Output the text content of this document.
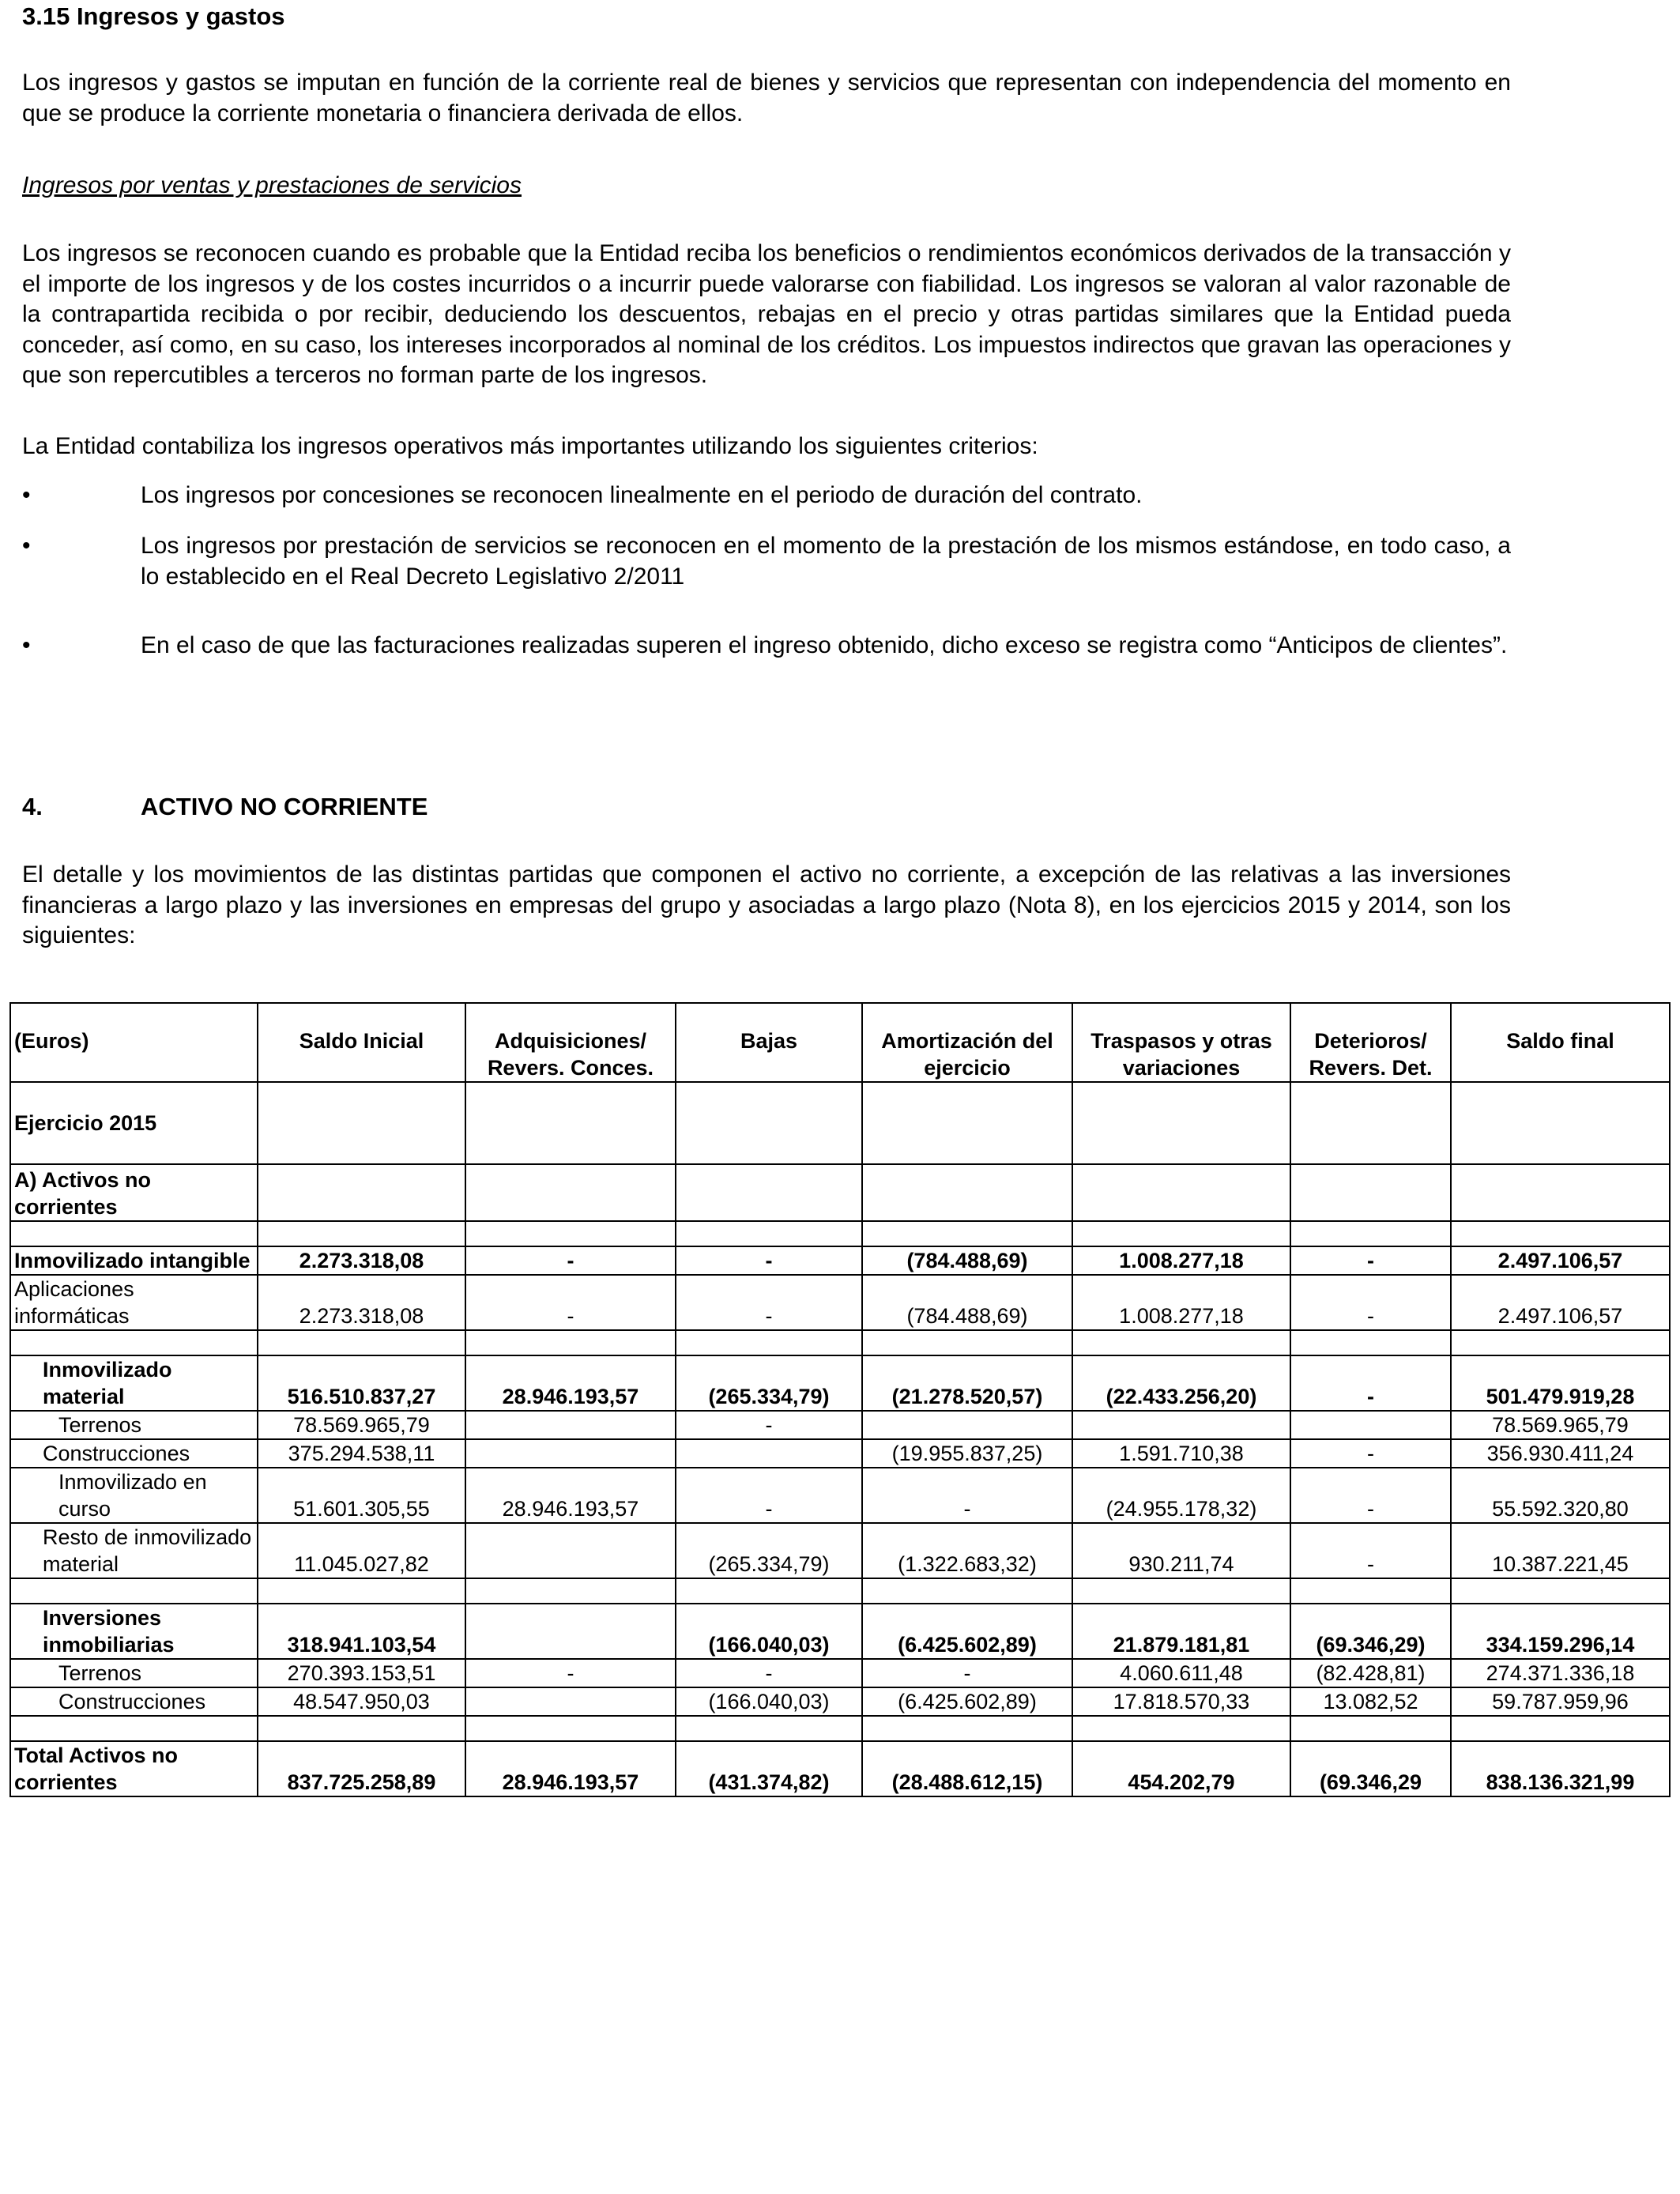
3.15 Ingresos y gastos
Los ingresos y gastos se imputan en función de la corriente real de bienes y servicios que representan con independencia del momento en que se produce la corriente monetaria o financiera derivada de ellos.
Ingresos por ventas y prestaciones de servicios
Los ingresos se reconocen cuando es probable que la Entidad reciba los beneficios o rendimientos económicos derivados de la transacción y el importe de los ingresos y de los costes incurridos o a incurrir puede valorarse con fiabilidad. Los ingresos se valoran al valor razonable de la contrapartida recibida o por recibir, deduciendo los descuentos, rebajas en el precio y otras partidas similares que la Entidad pueda conceder, así como, en su caso, los intereses incorporados al nominal de los créditos. Los impuestos indirectos que gravan las operaciones y que son repercutibles a terceros no forman parte de los ingresos.
La Entidad contabiliza los ingresos operativos más importantes utilizando los siguientes criterios:
•	Los ingresos por concesiones se reconocen linealmente en el periodo de duración del contrato.
•	Los ingresos por prestación de servicios se reconocen en el momento de la prestación de los mismos estándose, en todo caso, a lo establecido en el Real Decreto Legislativo 2/2011
•	En el caso de que las facturaciones realizadas superen el ingreso obtenido, dicho exceso se registra como “Anticipos de clientes”.
4.	ACTIVO NO CORRIENTE
El detalle y los movimientos de las distintas partidas que componen el activo no corriente, a excepción de las relativas a las inversiones financieras a largo plazo y las inversiones en empresas del grupo y asociadas a largo plazo (Nota 8), en los ejercicios 2015 y 2014, son los siguientes:
(Euros)	Saldo Inicial	Adquisiciones/ Revers. Conces.	Bajas	Amortización del ejercicio	Traspasos y otras variaciones	Deterioros/ Revers. Det.	Saldo final
Ejercicio 2015							
A) Activos no corrientes							

Inmovilizado intangible	2.273.318,08	-	-	(784.488,69)	1.008.277,18	-	2.497.106,57
Aplicaciones informáticas	2.273.318,08	-	-	(784.488,69)	1.008.277,18	-	2.497.106,57

Inmovilizado material	516.510.837,27	28.946.193,57	(265.334,79)	(21.278.520,57)	(22.433.256,20)	-	501.479.919,28
Terrenos	78.569.965,79		-				78.569.965,79
Construcciones	375.294.538,11			(19.955.837,25)	1.591.710,38	-	356.930.411,24
Inmovilizado en curso	51.601.305,55	28.946.193,57	-	-	(24.955.178,32)	-	55.592.320,80
Resto de inmovilizado material	11.045.027,82		(265.334,79)	(1.322.683,32)	930.211,74	-	10.387.221,45

Inversiones inmobiliarias	318.941.103,54		(166.040,03)	(6.425.602,89)	21.879.181,81	(69.346,29)	334.159.296,14
Terrenos	270.393.153,51	-	-	-	4.060.611,48	(82.428,81)	274.371.336,18
Construcciones	48.547.950,03		(166.040,03)	(6.425.602,89)	17.818.570,33	13.082,52	59.787.959,96

Total Activos no corrientes	837.725.258,89	28.946.193,57	(431.374,82)	(28.488.612,15)	454.202,79	(69.346,29	838.136.321,99
